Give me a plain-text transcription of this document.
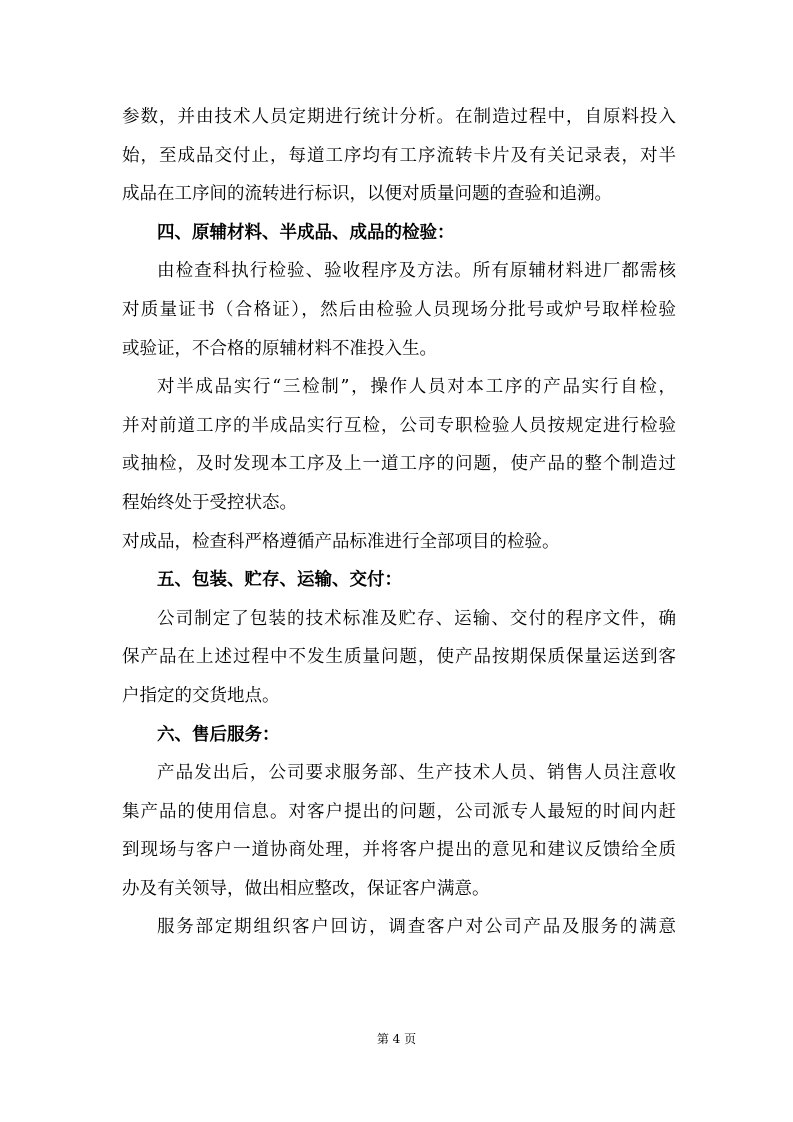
参数，并由技术人员定期进行统计分析。在制造过程中，自原料投入
始，至成品交付止，每道工序均有工序流转卡片及有关记录表，对半
成品在工序间的流转进行标识，以便对质量问题的查验和追溯。
四、原辅材料、半成品、成品的检验：
由检查科执行检验、验收程序及方法。所有原辅材料进厂都需核
对质量证书（合格证），然后由检验人员现场分批号或炉号取样检验
或验证，不合格的原辅材料不准投入生。
对半成品实行“三检制”，操作人员对本工序的产品实行自检，
并对前道工序的半成品实行互检，公司专职检验人员按规定进行检验
或抽检，及时发现本工序及上一道工序的问题，使产品的整个制造过
程始终处于受控状态。
对成品，检查科严格遵循产品标准进行全部项目的检验。
五、包装、贮存、运输、交付：
公司制定了包装的技术标准及贮存、运输、交付的程序文件，确
保产品在上述过程中不发生质量问题，使产品按期保质保量运送到客
户指定的交货地点。
六、售后服务：
产品发出后，公司要求服务部、生产技术人员、销售人员注意收
集产品的使用信息。对客户提出的问题，公司派专人最短的时间内赶
到现场与客户一道协商处理，并将客户提出的意见和建议反馈给全质
办及有关领导，做出相应整改，保证客户满意。
服务部定期组织客户回访，调查客户对公司产品及服务的满意
第 4 页
